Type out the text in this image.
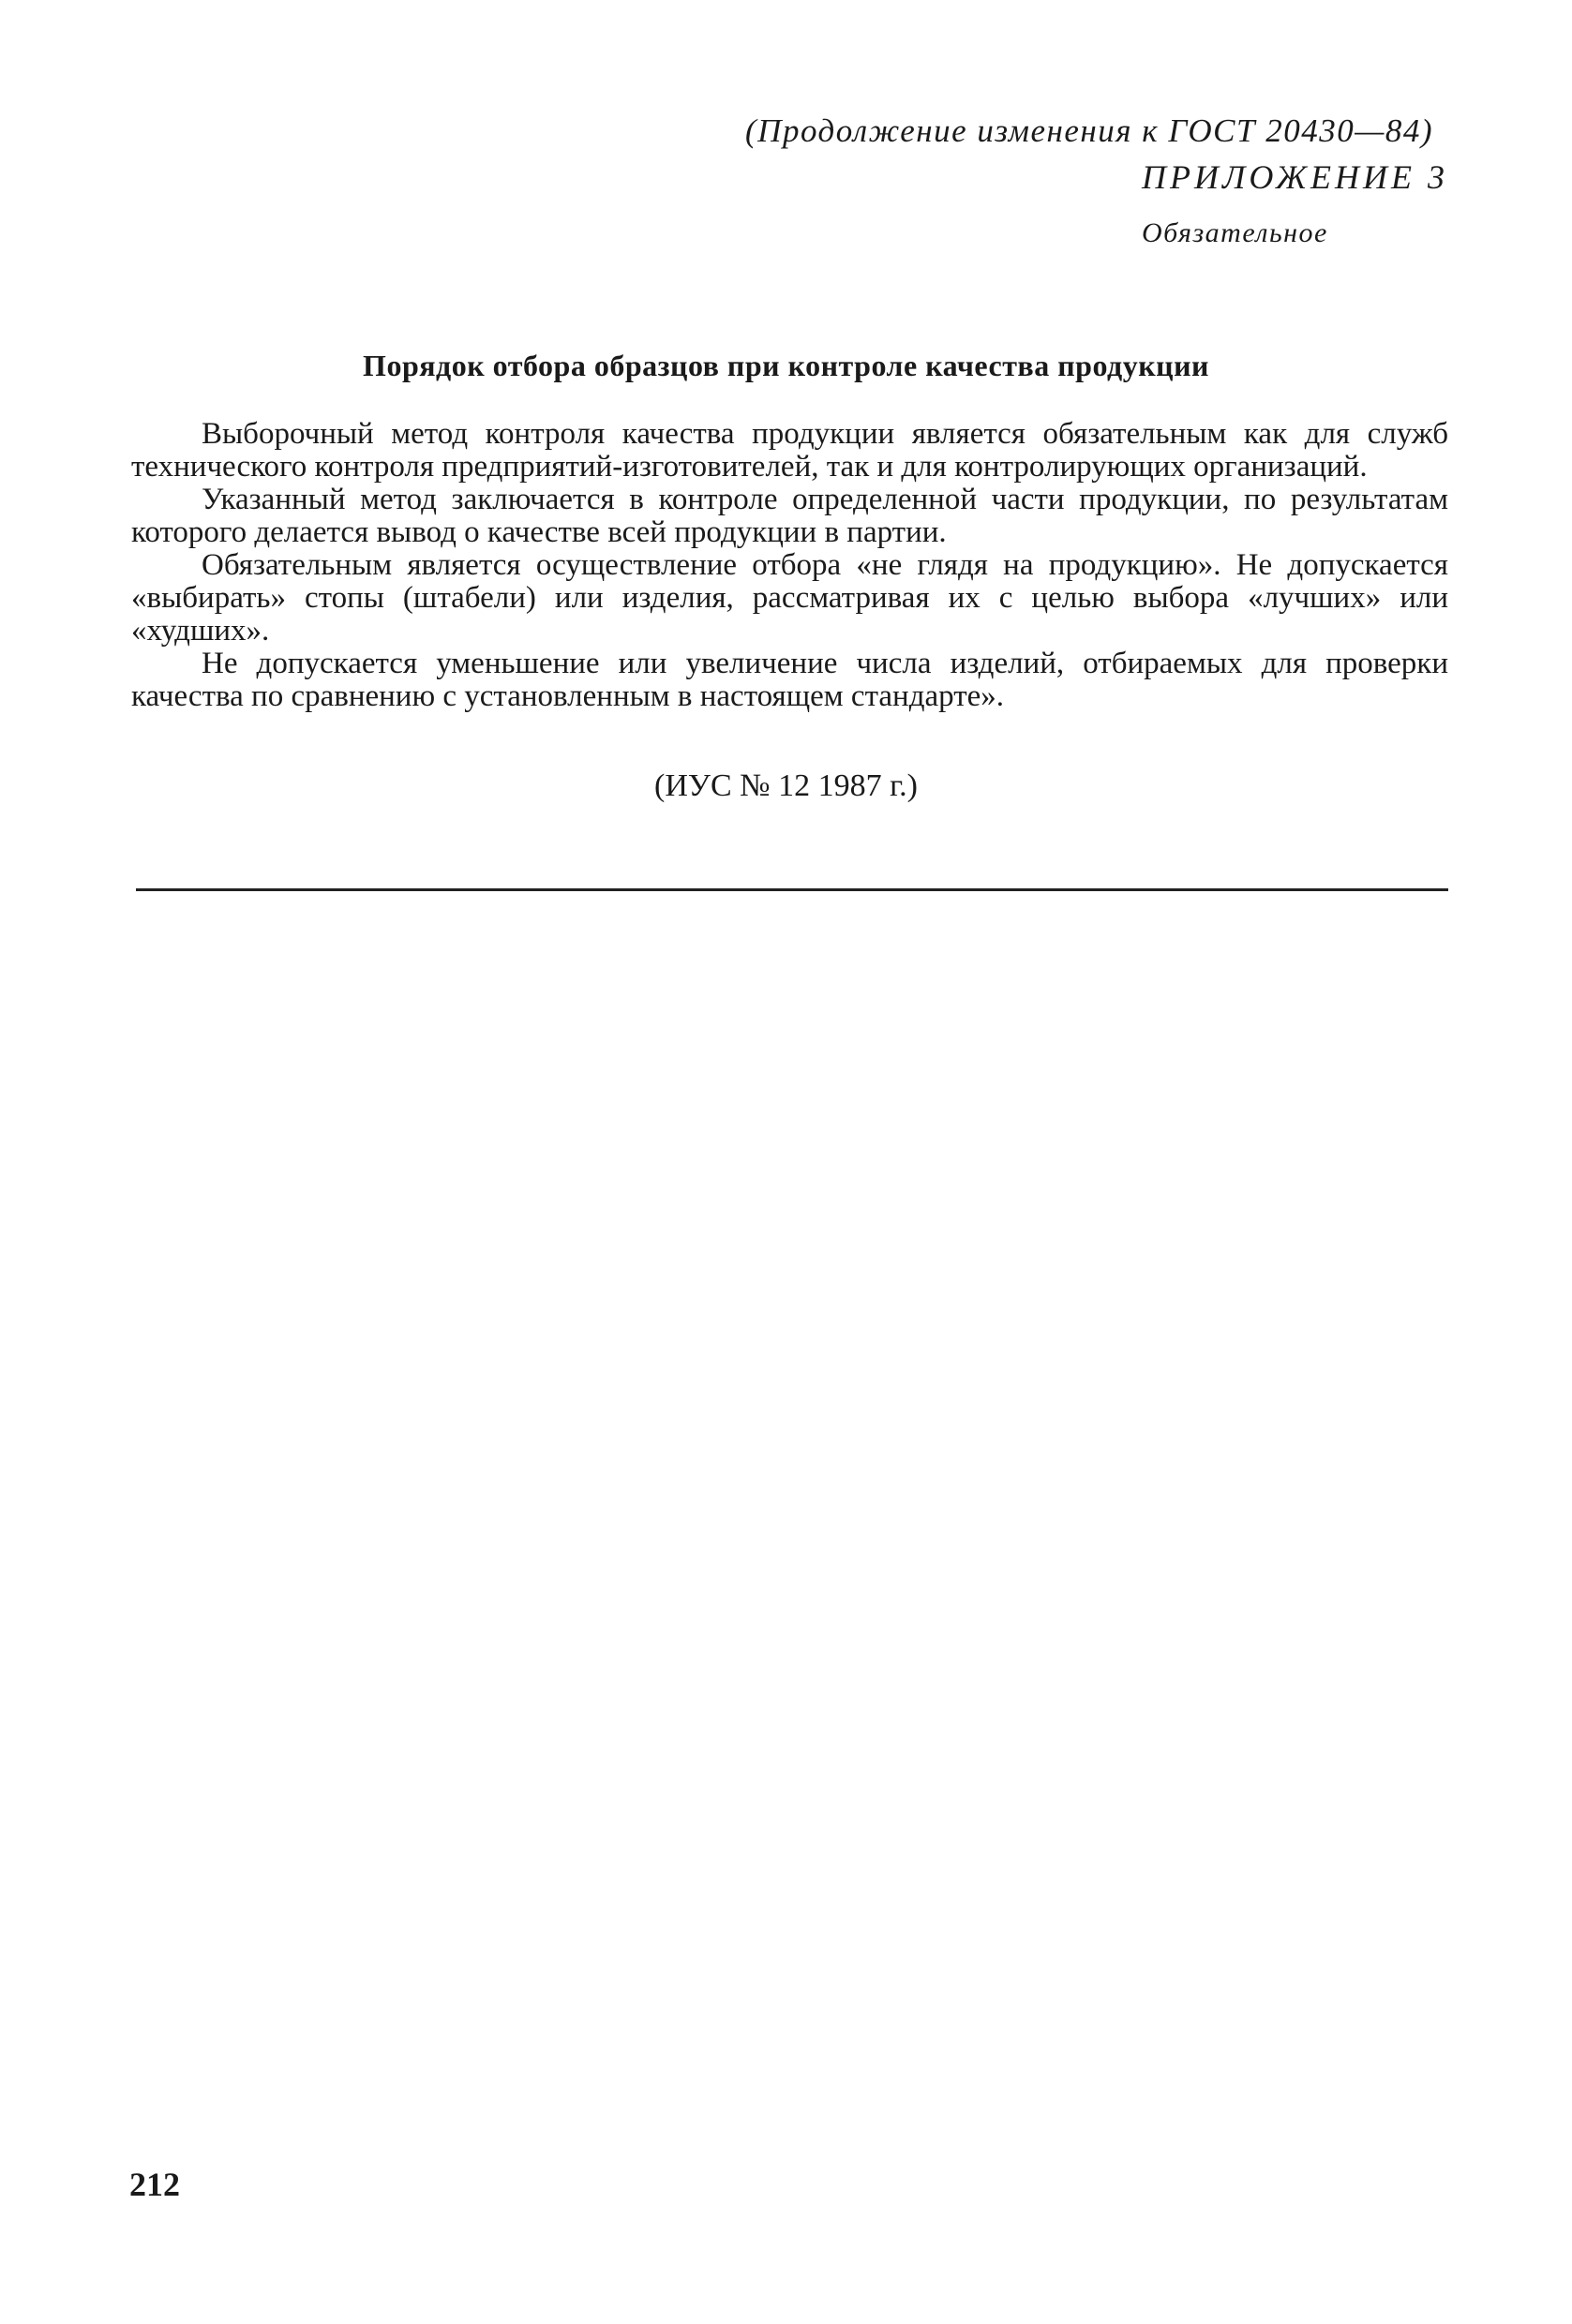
(Продолжение изменения к ГОСТ 20430—84)
ПРИЛОЖЕНИЕ 3
Обязательное
Порядок отбора образцов при контроле качества продукции

Выборочный метод контроля качества продукции является обязательным как для служб технического контроля предприятий-изготовителей, так и для контролирующих организаций.

Указанный метод заключается в контроле определенной части продукции, по результатам которого делается вывод о качестве всей продукции в партии.

Обязательным является осуществление отбора «не глядя на продукцию». Не допускается «выбирать» стопы (штабели) или изделия, рассматривая их с целью выбора «лучших» или «худших».

Не допускается уменьшение или увеличение числа изделий, отбираемых для проверки качества по сравнению с установленным в настоящем стандарте».

(ИУС № 12 1987 г.)
212
